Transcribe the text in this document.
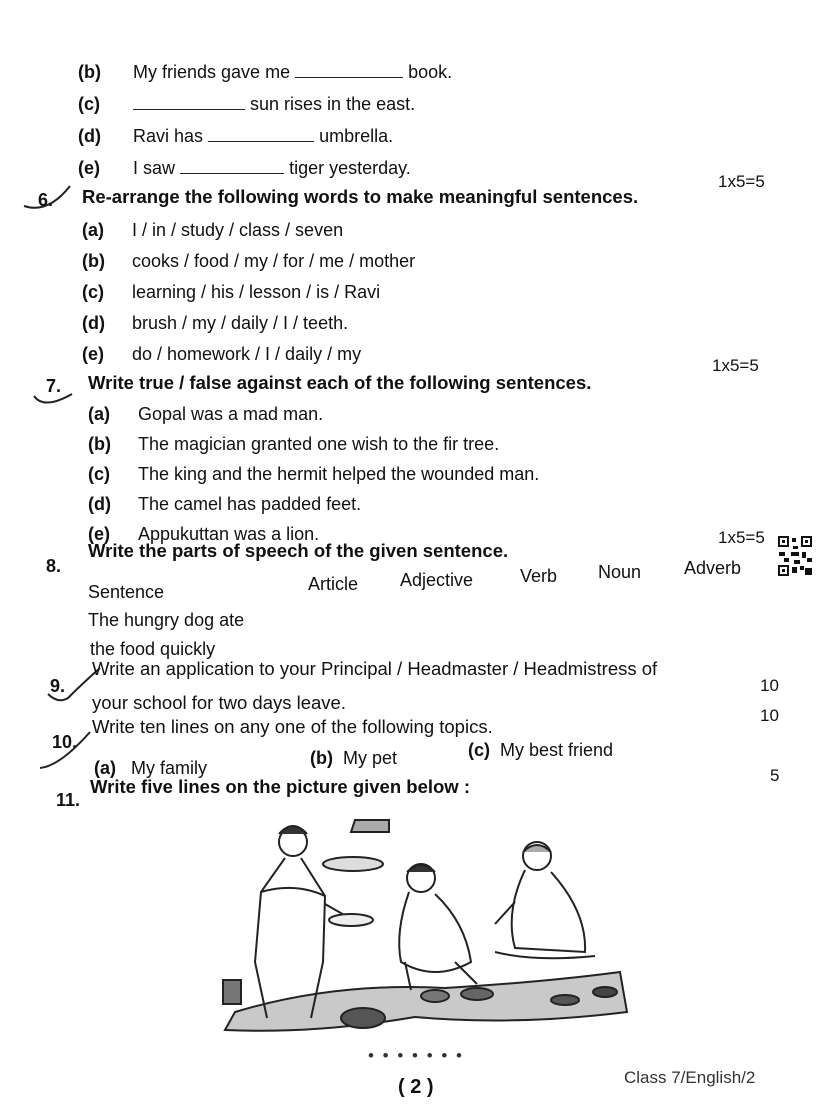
(b) My friends gave me	book.
(c)	sun rises in the east.
(d) Ravi has	umbrella.
(e) I saw	tiger yesterday.
6. Re-arrange the following words to make meaningful sentences.
1x5=5
(a) I / in / study / class / seven
(b) cooks / food / my / for / me / mother
(c) learning / his / lesson / is / Ravi
(d) brush / my / daily / I / teeth.
(e) do / homework / I / daily / my
7. Write true / false against each of the following sentences.
1x5=5
(a) Gopal was a mad man.
(b) The magician granted one wish to the fir tree.
(c) The king and the hermit helped the wounded man.
(d) The camel has padded feet.
(e) Appukuttan was a lion.
8.
Write the parts of speech of the given sentence.
1x5=5
Sentence	Article Adjective	Verb Noun Adverb
The hungry dog ate
the food quickly
9.
Write an application to your Principal / Headmaster / Headmistress of
your school for two days leave.
10
10.
Write ten lines on any one of the following topics.
10
(a) My family	(b) My pet	(c) My best friend
11.
Write five lines on the picture given below :
5
• • • • • • •
( 2 )	Class 7/English/2
